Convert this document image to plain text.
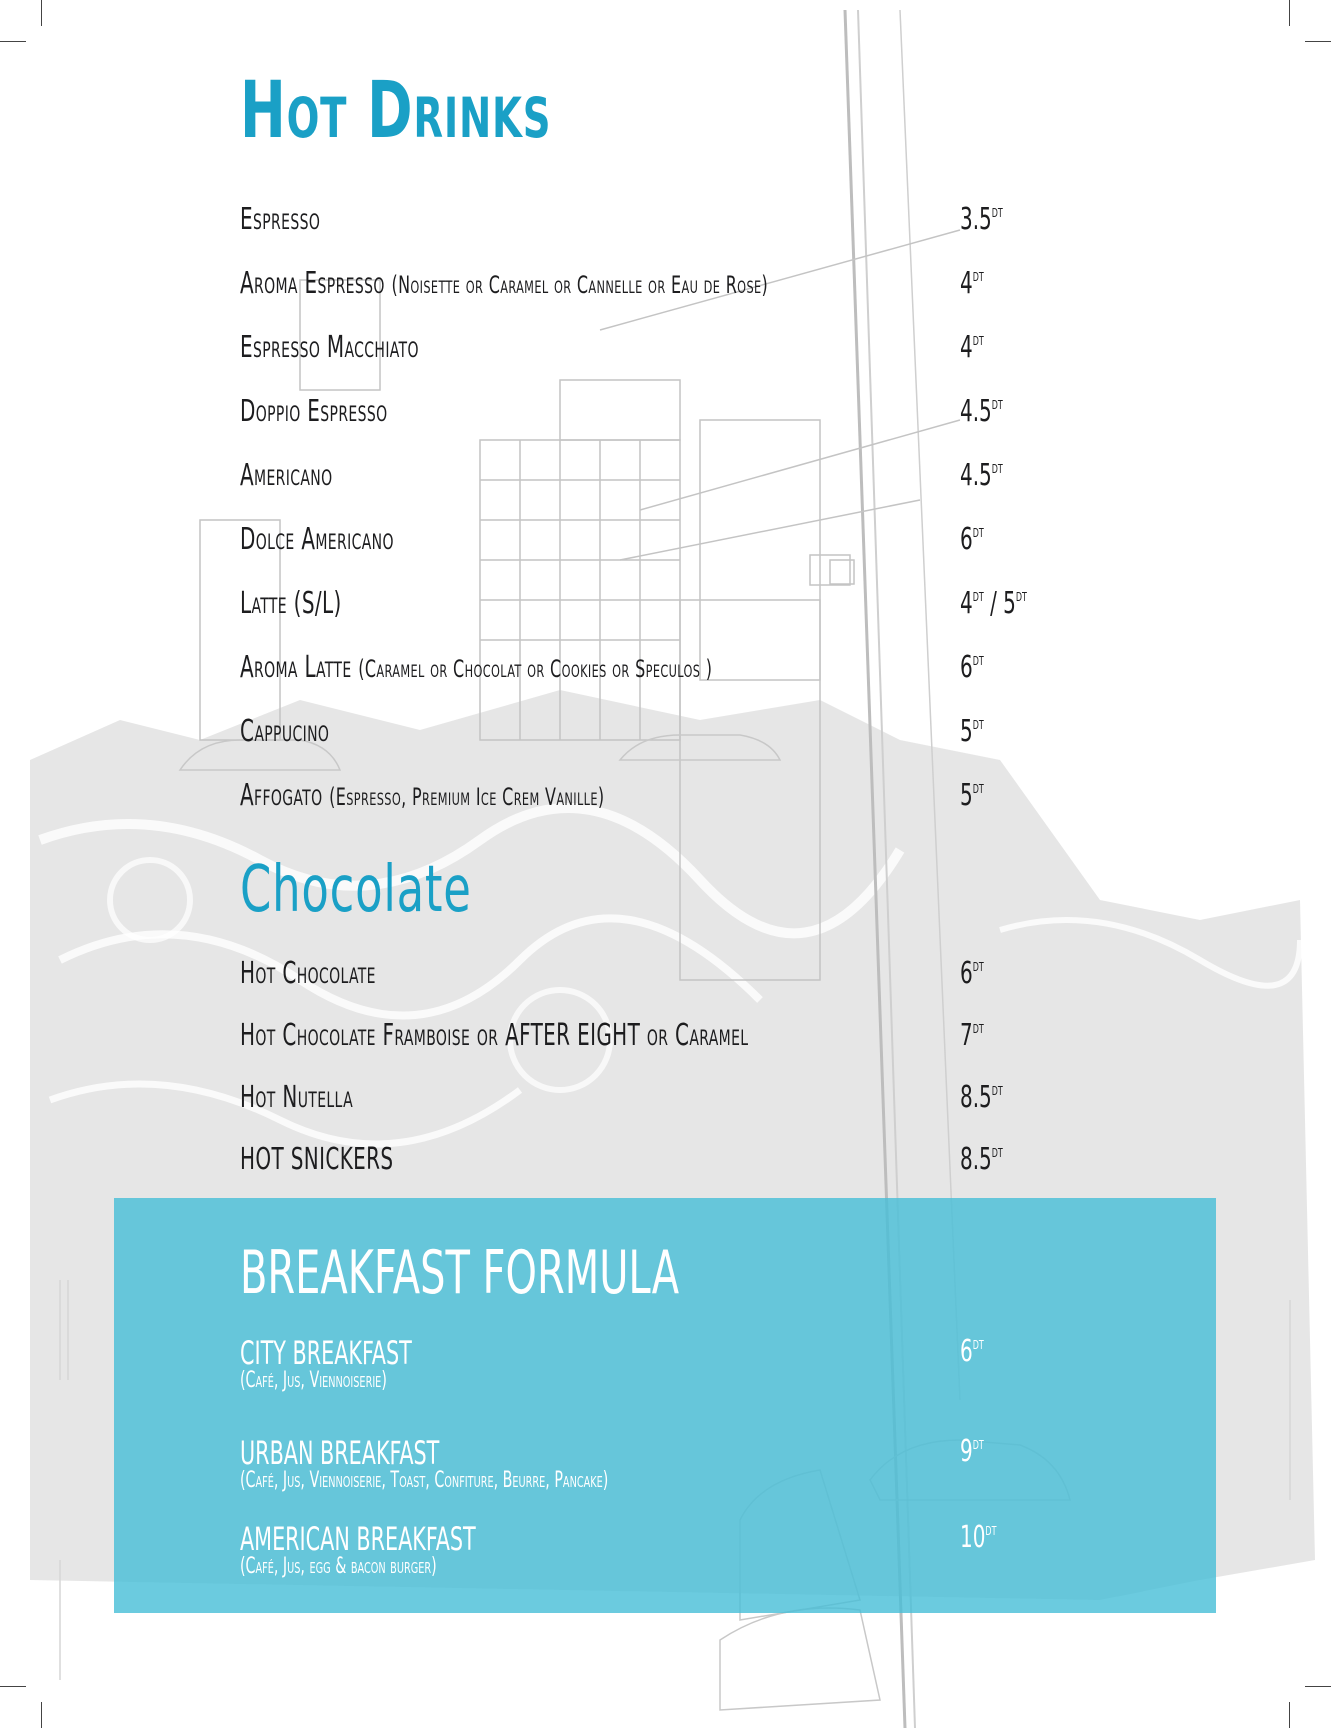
Hot Drinks
Espresso	$3.5^{DT}$
Aroma Espresso (Noisette or Caramel or Cannelle or Eau de Rose)	$4^{DT}$
Espresso Macchiato	$4^{DT}$
Doppio Espresso	$4.5^{DT}$
Americano	$4.5^{DT}$
Dolce Americano	$6^{DT}$
Latte (S/L)	$4^{DT} / 5^{DT}$
Aroma Latte (Caramel or Chocolat or Cookies or Speculos )	$6^{DT}$
Cappucino	$5^{DT}$
Affogato (Espresso, Premium Ice Crem Vanille)	$5^{DT}$
Chocolate
Hot Chocolate	$6^{DT}$
Hot Chocolate Framboise or AFTER EIGHT or Caramel	$7^{DT}$
Hot Nutella	$8.5^{DT}$
HOT SNICKERS	$8.5^{DT}$
BREAKFAST FORMULA
CITY BREAKFAST
(Café, Jus, Viennoiserie)
$6^{DT}$
URBAN BREAKFAST
(Café, Jus, Viennoiserie, Toast, Confiture, Beurre, Pancake)
$9^{DT}$
AMERICAN BREAKFAST
(Café, Jus, egg & bacon burger)
$10^{DT}$
